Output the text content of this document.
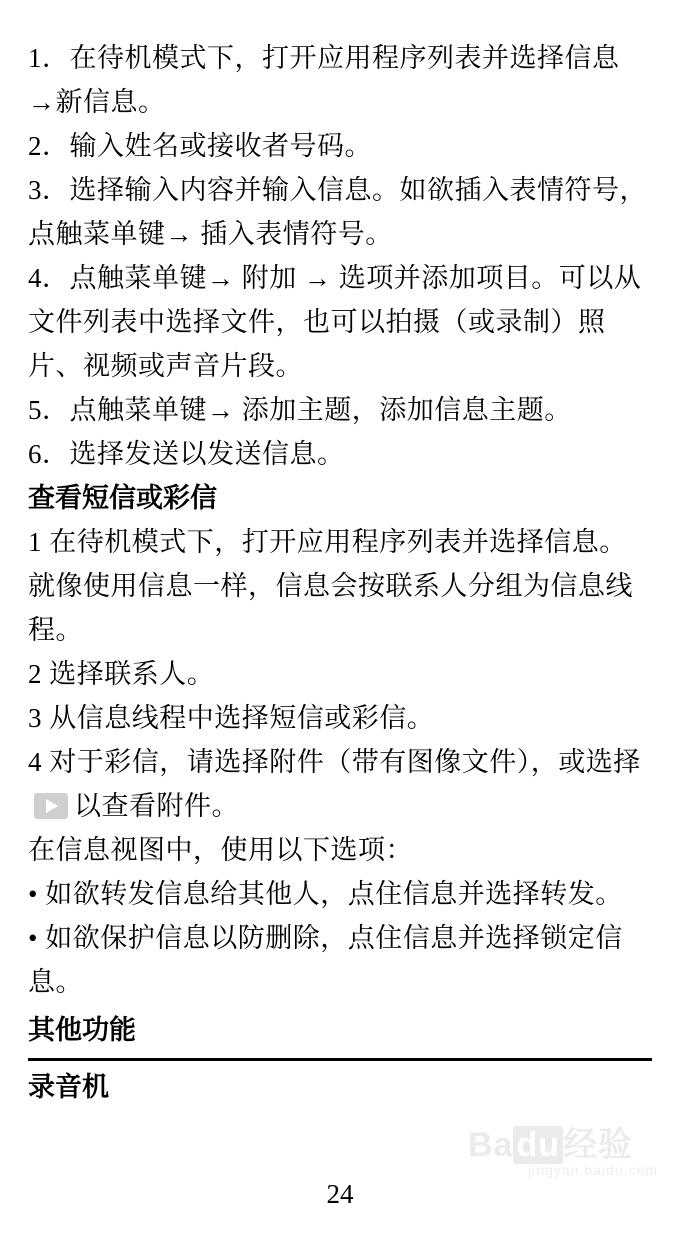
1．在待机模式下，打开应用程序列表并选择信息 →新信息。

2．输入姓名或接收者号码。

3．选择输入内容并输入信息。如欲插入表情符号，点触菜单键→ 插入表情符号。

4．点触菜单键→ 附加 → 选项并添加项目。可以从文件列表中选择文件，也可以拍摄（或录制）照片、视频或声音片段。

5．点触菜单键→ 添加主题，添加信息主题。

6．选择发送以发送信息。

查看短信或彩信

1 在待机模式下，打开应用程序列表并选择信息。就像使用信息一样，信息会按联系人分组为信息线程。

2 选择联系人。

3 从信息线程中选择短信或彩信。

4 对于彩信，请选择附件（带有图像文件），或选择以查看附件。

在信息视图中，使用以下选项：

• 如欲转发信息给其他人，点住信息并选择转发。

• 如欲保护信息以防删除，点住信息并选择锁定信息。

其他功能
录音机
Badu经验
jingyan.baidu.com
24
